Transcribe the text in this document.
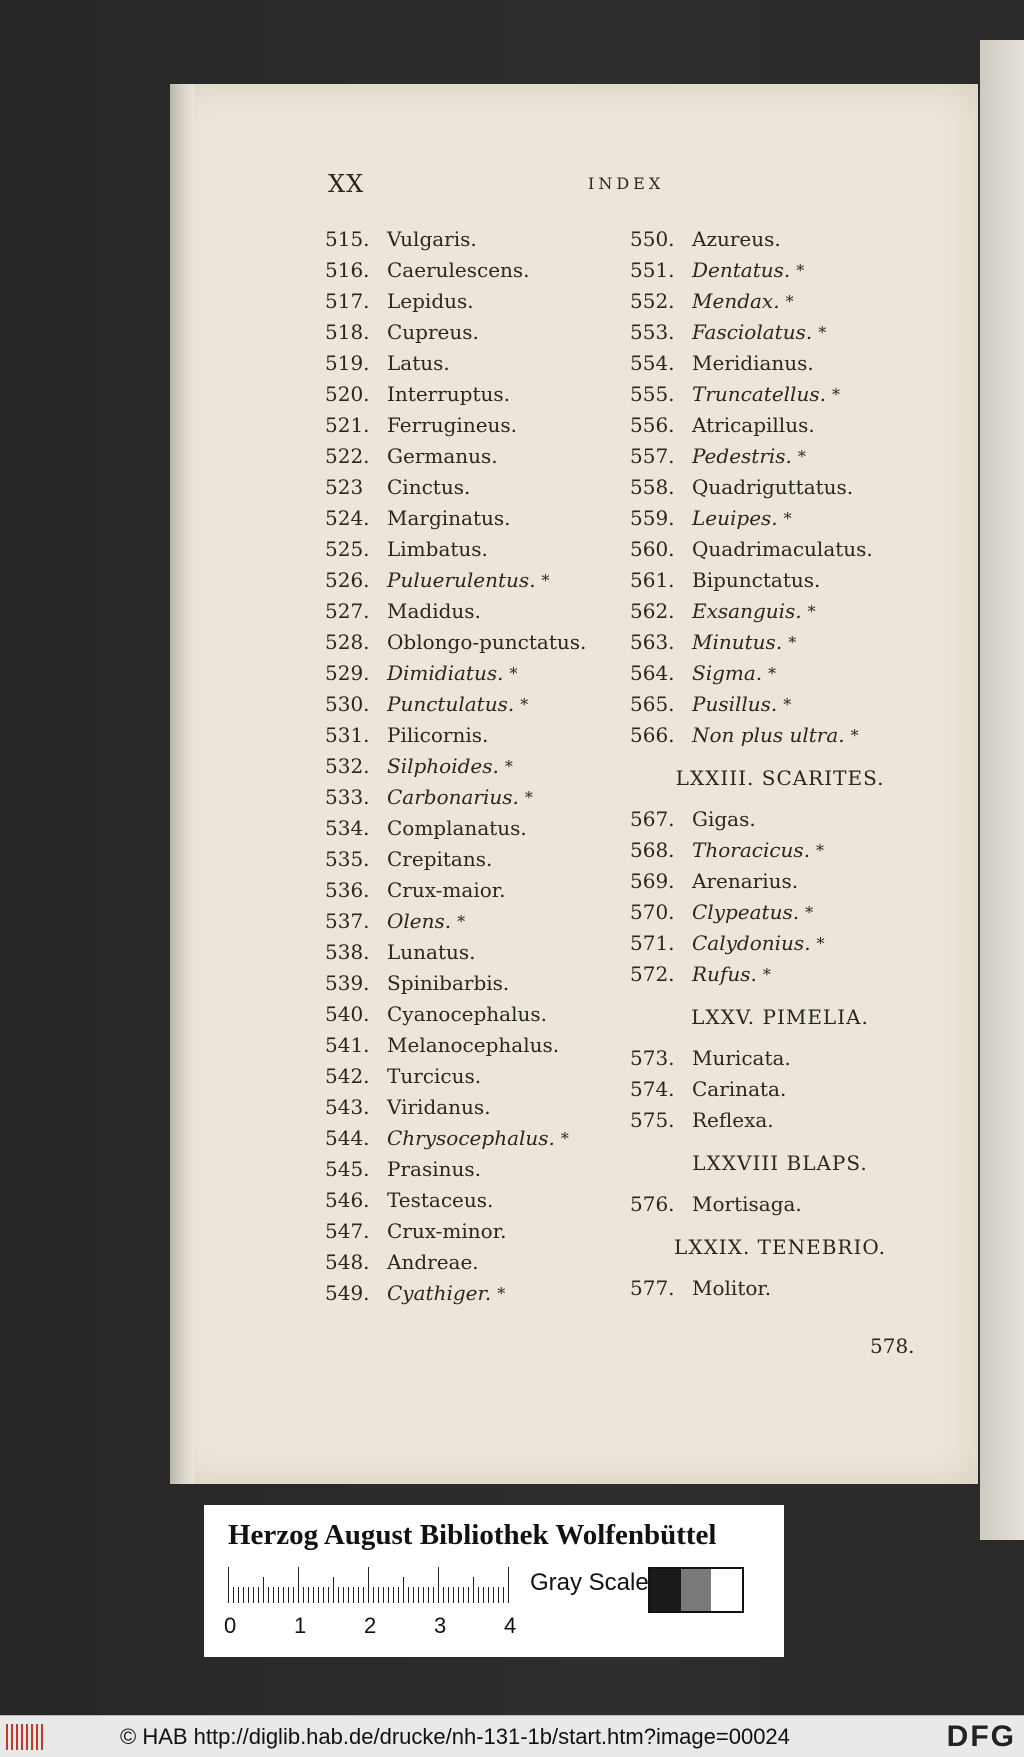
XX	INDEX
515. Vulgaris.
516. Caerulescens.
517. Lepidus.
518. Cupreus.
519. Latus.
520. Interruptus.
521. Ferrugineus.
522. Germanus.
523	Cinctus.
524. Marginatus.
525. Limbatus.
526. Puluerulentus. *
527. Madidus.
528. Oblongo-punctatus.
529. Dimidiatus. *
530. Punctulatus. *
531. Pilicornis.
532. Silphoides. *
533. Carbonarius. *
534. Complanatus.
535. Crepitans.
536. Crux-maior.
537. Olens. *
538. Lunatus.
539. Spinibarbis.
540. Cyanocephalus.
541. Melanocephalus.
542. Turcicus.
543. Viridanus.
544. Chrysocephalus. *
545. Prasinus.
546. Testaceus.
547. Crux-minor.
548. Andreae.
549. Cyathiger. *
550. Azureus.
551. Dentatus. *
552. Mendax. *
553. Fasciolatus. *
554. Meridianus.
555. Truncatellus. *
556. Atricapillus.
557. Pedestris. *
558. Quadriguttatus.
559. Leuipes. *
560. Quadrimaculatus.
561. Bipunctatus.
562. Exsanguis. *
563. Minutus. *
564. Sigma. *
565. Pusillus. *
566. Non plus ultra. *
LXXIII. SCARITES.
567. Gigas.
568. Thoracicus. *
569. Arenarius.
570. Clypeatus. *
571. Calydonius. *
572. Rufus. *
LXXV. PIMELIA.
573. Muricata.
574. Carinata.
575. Reflexa.
LXXVIII BLAPS.
576. Mortisaga.
LXXIX. TENEBRIO.
577. Molitor.
578.
Herzog August Bibliothek Wolfenbüttel
0	1	2	3	4
Gray Scale
© HAB http://diglib.hab.de/drucke/nh-131-1b/start.htm?image=00024	DFG
